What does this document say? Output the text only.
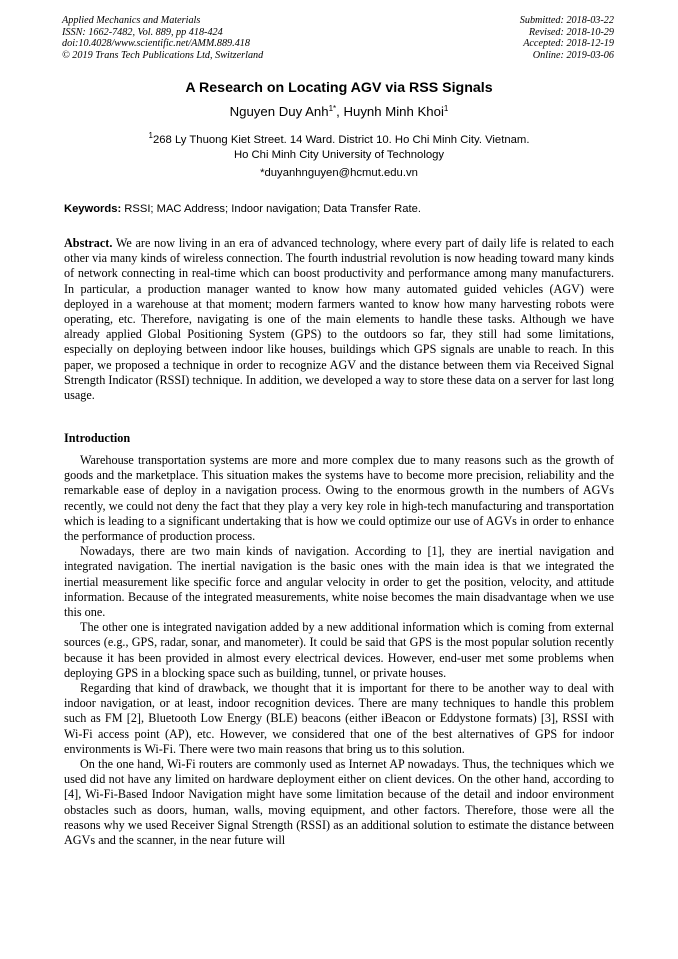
Applied Mechanics and Materials
ISSN: 1662-7482, Vol. 889, pp 418-424
doi:10.4028/www.scientific.net/AMM.889.418
© 2019 Trans Tech Publications Ltd, Switzerland
Submitted: 2018-03-22
Revised: 2018-10-29
Accepted: 2018-12-19
Online: 2019-03-06
A Research on Locating AGV via RSS Signals
Nguyen Duy Anh$^{1*}$, Huynh Minh Khoi$^1$
$^1$268 Ly Thuong Kiet Street. 14 Ward. District 10. Ho Chi Minh City. Vietnam.
Ho Chi Minh City University of Technology
*duyanhnguyen@hcmut.edu.vn
Keywords: RSSI; MAC Address; Indoor navigation; Data Transfer Rate.
Abstract. We are now living in an era of advanced technology, where every part of daily life is related to each other via many kinds of wireless connection. The fourth industrial revolution is now heading toward many kinds of network connecting in real-time which can boost productivity and performance among many manufacturers. In particular, a production manager wanted to know how many automated guided vehicles (AGV) were deployed in a warehouse at that moment; modern farmers wanted to know how many harvesting robots were operating, etc. Therefore, navigating is one of the main elements to handle these tasks. Although we have already applied Global Positioning System (GPS) to the outdoors so far, they still had some limitations, especially on deploying between indoor like houses, buildings which GPS signals are unable to reach. In this paper, we proposed a technique in order to recognize AGV and the distance between them via Received Signal Strength Indicator (RSSI) technique. In addition, we developed a way to store these data on a server for last long usage.
Introduction

Warehouse transportation systems are more and more complex due to many reasons such as the growth of goods and the marketplace. This situation makes the systems have to become more precision, reliability and the remarkable ease of deploy in a navigation process. Owing to the enormous growth in the numbers of AGVs recently, we could not deny the fact that they play a very key role in high-tech manufacturing and transportation which is leading to a significant undertaking that is how we could optimize our use of AGVs in order to enhance the performance of production process.

Nowadays, there are two main kinds of navigation. According to [1], they are inertial navigation and integrated navigation. The inertial navigation is the basic ones with the main idea is that we integrated the inertial measurement like specific force and angular velocity in order to get the position, velocity, and attitude information. Because of the integrated measurements, white noise becomes the main disadvantage when we use this one.

The other one is integrated navigation added by a new additional information which is coming from external sources (e.g., GPS, radar, sonar, and manometer). It could be said that GPS is the most popular solution recently because it has been provided in almost every electrical devices. However, end-user met some problems when deploying GPS in a blocking space such as building, tunnel, or private houses.

Regarding that kind of drawback, we thought that it is important for there to be another way to deal with indoor navigation, or at least, indoor recognition devices. There are many techniques to handle this problem such as FM [2], Bluetooth Low Energy (BLE) beacons (either iBeacon or Eddystone formats) [3], RSSI with Wi-Fi access point (AP), etc. However, we considered that one of the best alternatives of GPS for indoor environments is Wi-Fi. There were two main reasons that bring us to this solution.

On the one hand, Wi-Fi routers are commonly used as Internet AP nowadays. Thus, the techniques which we used did not have any limited on hardware deployment either on client devices. On the other hand, according to [4], Wi-Fi-Based Indoor Navigation might have some limitation because of the detail and indoor environment obstacles such as doors, human, walls, moving equipment, and other factors. Therefore, those were all the reasons why we used Receiver Signal Strength (RSSI) as an additional solution to estimate the distance between AGVs and the scanner, in the near future will
